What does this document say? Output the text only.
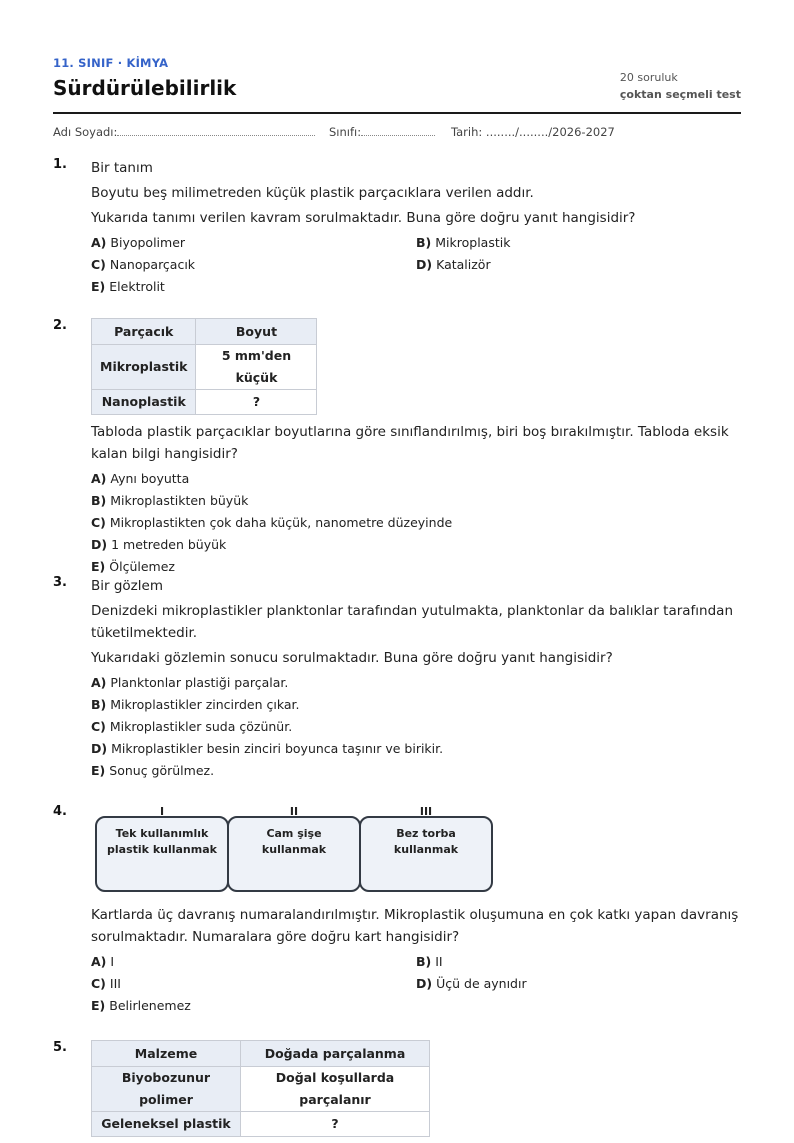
11. SINIF · KİMYA
Sürdürülebilirlik	20 soruluk
çoktan seçmeli test
Adı Soyadı:	Sınıfı:	Tarih: ......../......../2026-2027
1. Bir tanım

Boyutu beş milimetreden küçük plastik parçacıklara verilen addır.

Yukarıda tanımı verilen kavram sorulmaktadır. Buna göre doğru yanıt hangisidir?

A) Biyopolimer	B) Mikroplastik
C) Nanoparçacık	D) Katalizör
E) Elektrolit
2.	Parçacık	Boyut
Mikroplastik	5 mm'den küçük
Nanoplastik	?

Tabloda plastik parçacıklar boyutlarına göre sınıflandırılmış, biri boş bırakılmıştır. Tabloda eksik kalan bilgi hangisidir?

A) Aynı boyutta
B) Mikroplastikten büyük
C) Mikroplastikten çok daha küçük, nanometre düzeyinde
D) 1 metreden büyük
E) Ölçülemez
3. Bir gözlem

Denizdeki mikroplastikler planktonlar tarafından yutulmakta, planktonlar da balıklar tarafından tüketilmektedir.

Yukarıdaki gözlemin sonucu sorulmaktadır. Buna göre doğru yanıt hangisidir?

A) Planktonlar plastiği parçalar.
B) Mikroplastikler zincirden çıkar.
C) Mikroplastikler suda çözünür.
D) Mikroplastikler besin zinciri boyunca taşınır ve birikir.
E) Sonuç görülmez.
4.	I
Tek kullanımlık plastik kullanmak
II
Cam şişe kullanmak
III
Bez torba kullanmak

Kartlarda üç davranış numaralandırılmıştır. Mikroplastik oluşumuna en çok katkı yapan davranış sorulmaktadır. Numaralara göre doğru kart hangisidir?

A) I	B) II
C) III	D) Üçü de aynıdır
E) Belirlenemez
5.	Malzeme	Doğada parçalanma
Biyobozunur polimer	Doğal koşullarda parçalanır
Geleneksel plastik	?
